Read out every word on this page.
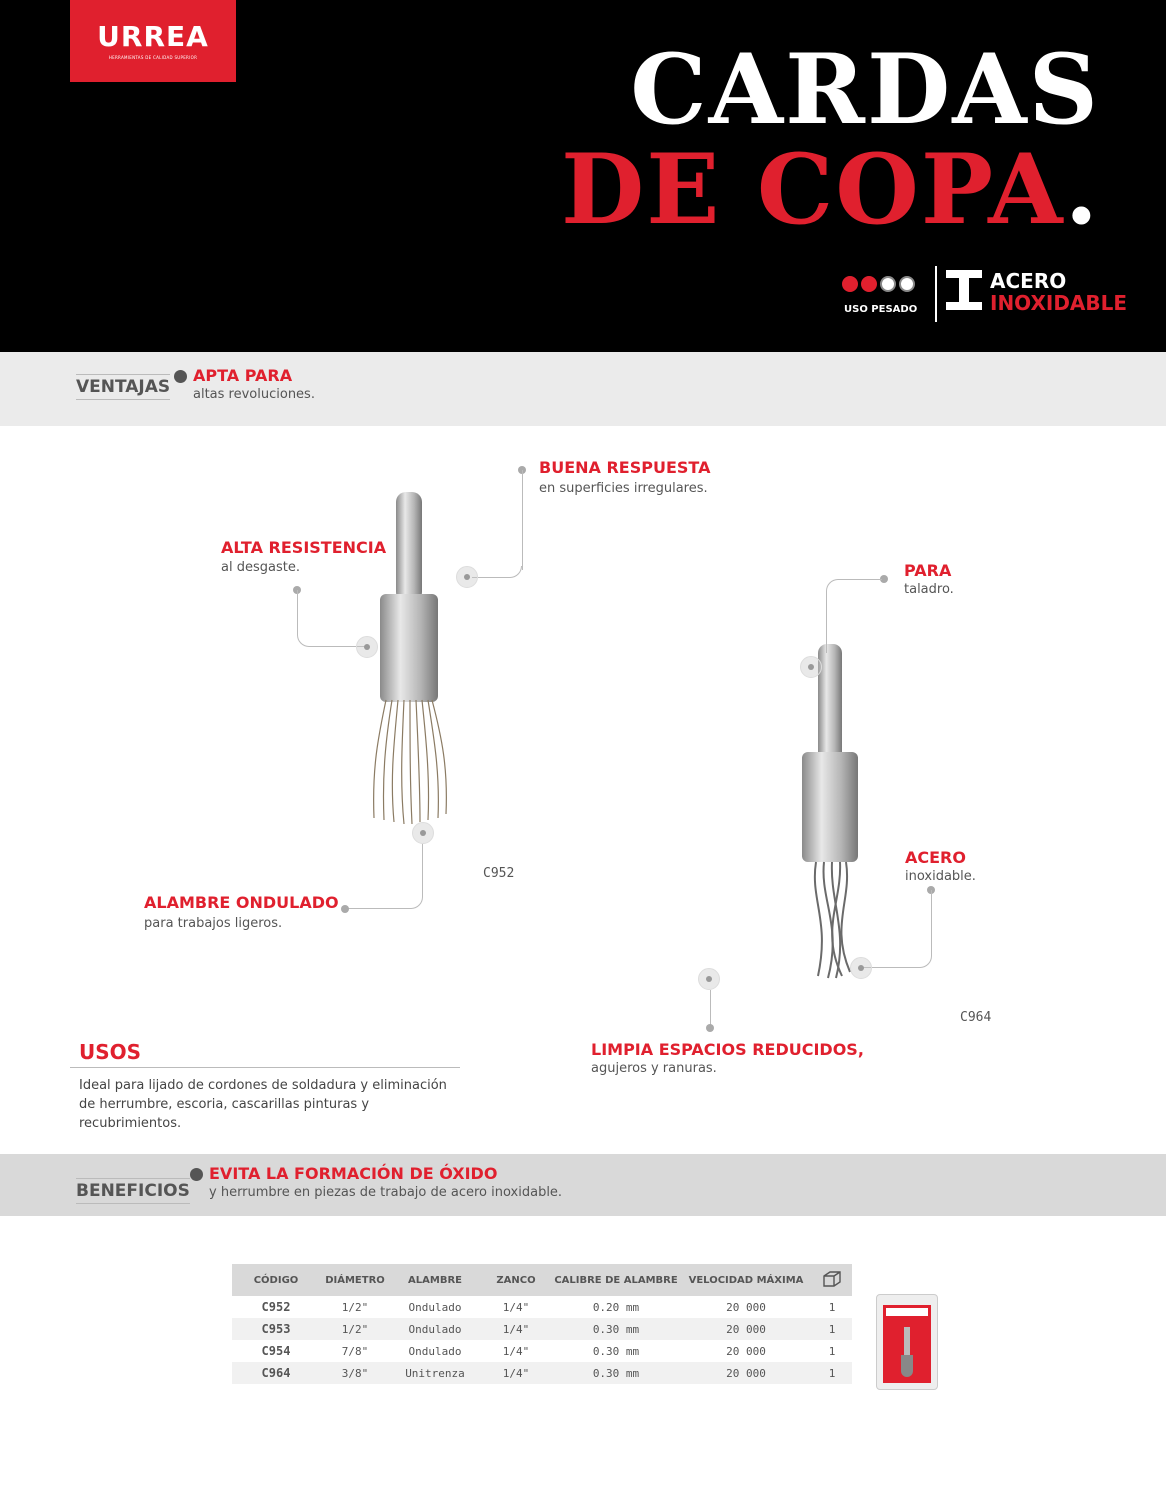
URREA
HERRAMIENTAS DE CALIDAD SUPERIOR	CARDAS
DE COPA.
USO PESADO
ACERO
INOXIDABLE
VENTAJAS
APTA PARA
altas revoluciones.
BUENA RESPUESTA
en superficies irregulares.
ALTA RESISTENCIA
al desgaste.
ALAMBRE ONDULADO
para trabajos ligeros.
C952
PARA
taladro.
ACERO
inoxidable.
LIMPIA ESPACIOS REDUCIDOS,
agujeros y ranuras.
C964
USOS
Ideal para lijado de cordones de soldadura y eliminación de herrumbre, escoria, cascarillas pinturas y recubrimientos.
BENEFICIOS
EVITA LA FORMACIÓN DE ÓXIDO
y herrumbre en piezas de trabajo de acero inoxidable.
CÓDIGO	DIÁMETRO	ALAMBRE	ZANCO	CALIBRE DE ALAMBRE	VELOCIDAD MÁXIMA	
C952	1/2"	Ondulado	1/4"	0.20 mm	20 000	1
C953	1/2"	Ondulado	1/4"	0.30 mm	20 000	1
C954	7/8"	Ondulado	1/4"	0.30 mm	20 000	1
C964	3/8"	Unitrenza	1/4"	0.30 mm	20 000	1
